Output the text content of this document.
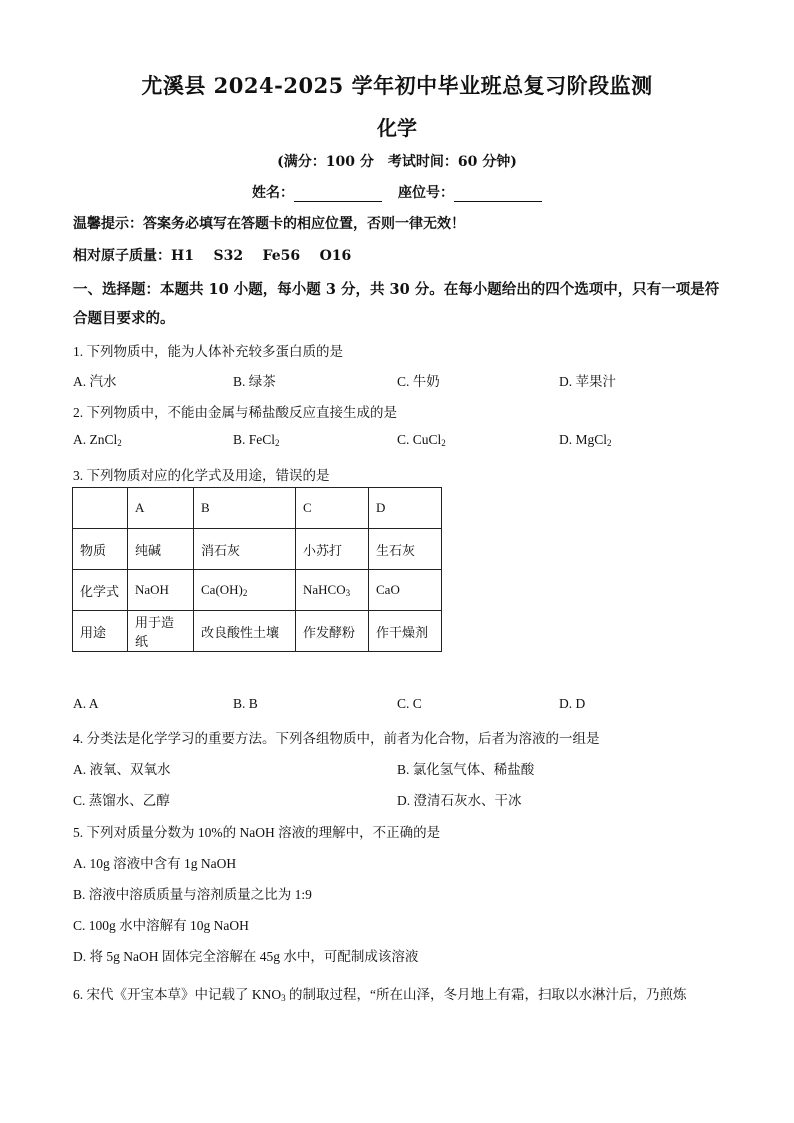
尤溪县 2024-2025 学年初中毕业班总复习阶段监测
化学
(满分：100 分 考试时间：60 分钟)
姓名：	座位号：
温馨提示：答案务必填写在答题卡的相应位置，否则一律无效！
相对原子质量：H1    S32    Fe56    O16
一、选择题：本题共 10 小题，每小题 3 分，共 30 分。在每小题给出的四个选项中，只有一项是符合题目要求的。
1. 下列物质中，能为人体补充较多蛋白质的是
A. 汽水	B. 绿茶	C. 牛奶	D. 苹果汁
2. 下列物质中，不能由金属与稀盐酸反应直接生成的是
A. ZnCl$_2$	B. FeCl$_2$	C. CuCl$_2$	D. MgCl$_2$
3. 下列物质对应的化学式及用途，错误的是
	A	B	C	D
物质	纯碱	消石灰	小苏打	生石灰
化学式	NaOH	$Ca(OH)_2$	NaHCO$_3$	CaO
用途	用于造纸	改良酸性土壤	作发酵粉	作干燥剂
A. A	B. B	C. C	D. D
4. 分类法是化学学习的重要方法。下列各组物质中，前者为化合物，后者为溶液的一组是
A. 液氧、双氧水	B. 氯化氢气体、稀盐酸
C. 蒸馏水、乙醇	D. 澄清石灰水、干冰
5. 下列对质量分数为 10%的 NaOH 溶液的理解中，不正确的是
A. 10g 溶液中含有 1g NaOH
B. 溶液中溶质质量与溶剂质量之比为 1:9
C. 100g 水中溶解有 10g NaOH
D. 将 5g NaOH 固体完全溶解在 45g 水中，可配制成该溶液
6. 宋代《开宝本草》中记载了 $KNO_3$ 的制取过程，“所在山泽，冬月地上有霜，扫取以水淋汁后，乃煎炼
